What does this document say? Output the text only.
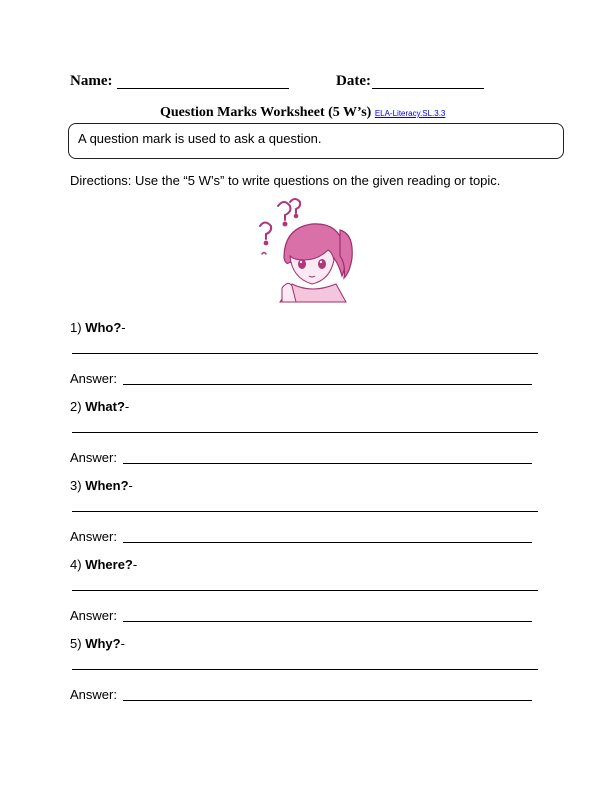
Name:	Date:
Question Marks Worksheet (5 W’s) ELA-Literacy.SL.3.3
A question mark is used to ask a question.
Directions: Use the “5 W’s” to write questions on the given reading or topic.
1) Who?-
Answer:
2) What?-
Answer:
3) When?-
Answer:
4) Where?-
Answer:
5) Why?-
Answer:
